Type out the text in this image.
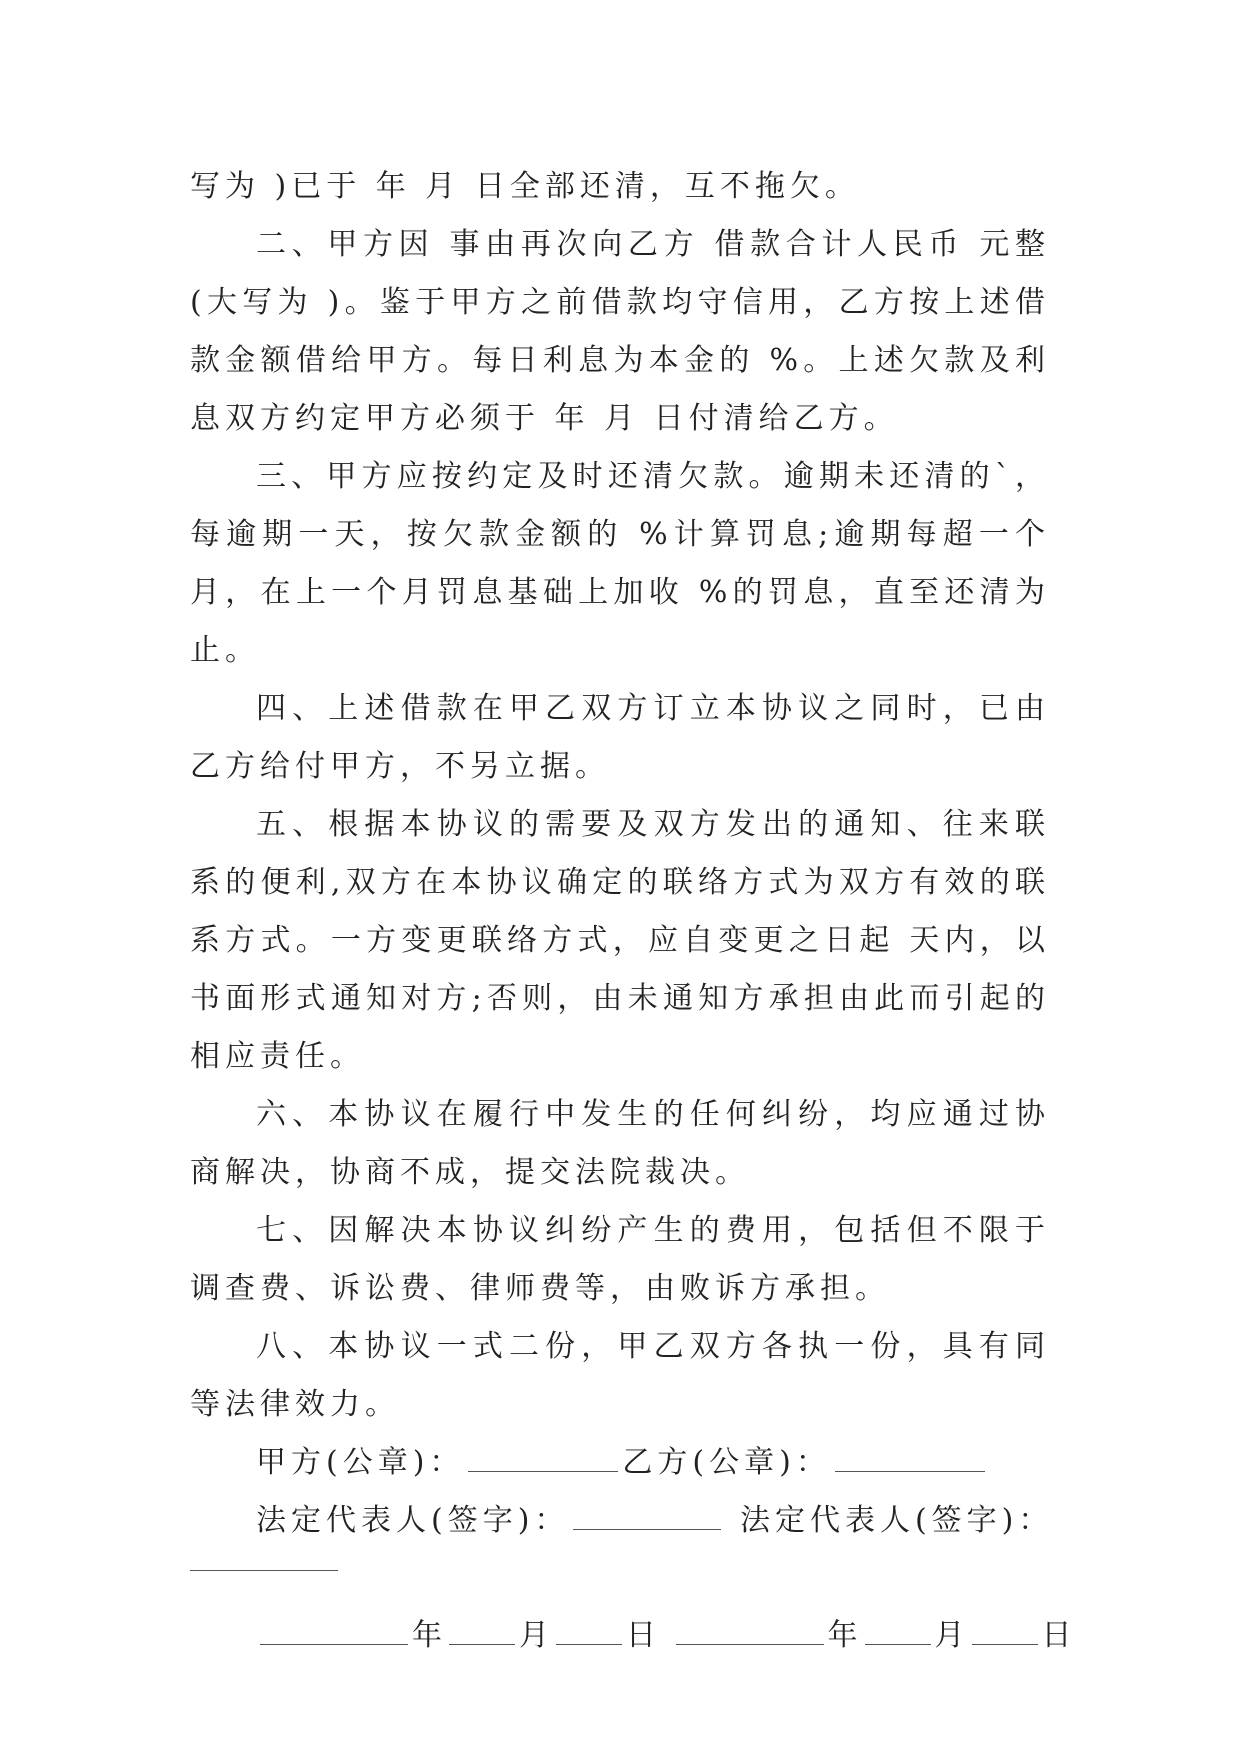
写为 )已于 年 月 日全部还清，互不拖欠。

二、甲方因 事由再次向乙方 借款合计人民币 元整(大写为 )。鉴于甲方之前借款均守信用，乙方按上述借款金额借给甲方。每日利息为本金的 %。上述欠款及利息双方约定甲方必须于 年 月 日付清给乙方。

三、甲方应按约定及时还清欠款。逾期未还清的`，每逾期一天，按欠款金额的 %计算罚息;逾期每超一个月，在上一个月罚息基础上加收 %的罚息，直至还清为止。

四、上述借款在甲乙双方订立本协议之同时，已由乙方给付甲方，不另立据。

五、根据本协议的需要及双方发出的通知、往来联系的便利,双方在本协议确定的联络方式为双方有效的联系方式。一方变更联络方式，应自变更之日起 天内，以书面形式通知对方;否则，由未通知方承担由此而引起的相应责任。

六、本协议在履行中发生的任何纠纷，均应通过协商解决，协商不成，提交法院裁决。

七、因解决本协议纠纷产生的费用，包括但不限于调查费、诉讼费、律师费等，由败诉方承担。

八、本协议一式二份，甲乙双方各执一份，具有同等法律效力。

甲方(公章)：	乙方(公章)：
法定代表人(签字)：	法定代表人(签字)：
年 月 日	年 月 日
